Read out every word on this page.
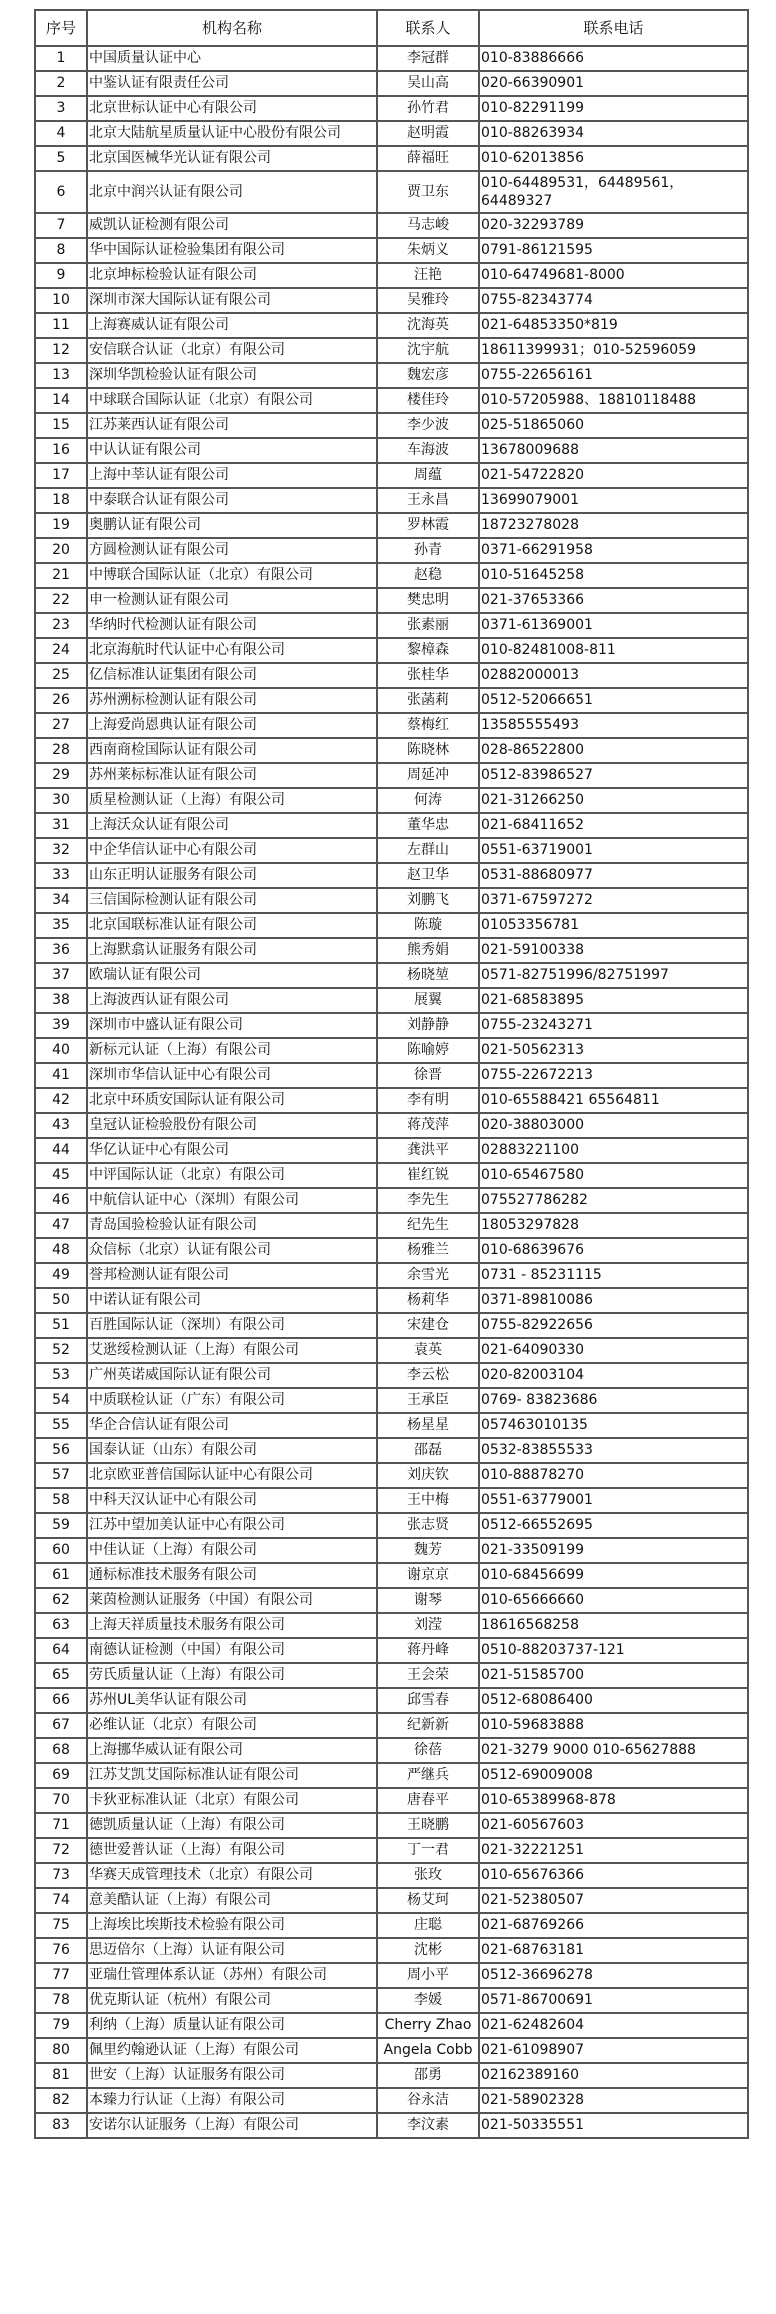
序号	机构名称	联系人	联系电话
1	中国质量认证中心	李冠群	010-83886666
2	中鉴认证有限责任公司	吴山高	020-66390901
3	北京世标认证中心有限公司	孙竹君	010-82291199
4	北京大陆航星质量认证中心股份有限公司	赵明霞	010-88263934
5	北京国医械华光认证有限公司	薛福旺	010-62013856
6	北京中润兴认证有限公司	贾卫东	010-64489531，64489561，64489327
7	威凯认证检测有限公司	马志峻	020-32293789
8	华中国际认证检验集团有限公司	朱炳义	0791-86121595
9	北京坤标检验认证有限公司	汪艳	010-64749681-8000
10	深圳市深大国际认证有限公司	吴雅玲	0755-82343774
11	上海赛威认证有限公司	沈海英	021-64853350*819
12	安信联合认证（北京）有限公司	沈宇航	18611399931；010-52596059
13	深圳华凯检验认证有限公司	魏宏彦	0755-22656161
14	中球联合国际认证（北京）有限公司	楼佳玲	010-57205988、18810118488
15	江苏莱西认证有限公司	李少波	025-51865060
16	中认认证有限公司	车海波	13678009688
17	上海中莘认证有限公司	周蕴	021-54722820
18	中泰联合认证有限公司	王永昌	13699079001
19	奥鹏认证有限公司	罗林霞	18723278028
20	方圆检测认证有限公司	孙青	0371-66291958
21	中博联合国际认证（北京）有限公司	赵稳	010-51645258
22	申一检测认证有限公司	樊忠明	021-37653366
23	华纳时代检测认证有限公司	张素丽	0371-61369001
24	北京海航时代认证中心有限公司	黎樟森	010-82481008-811
25	亿信标准认证集团有限公司	张桂华	02882000013
26	苏州溯标检测认证有限公司	张菡莉	0512-52066651
27	上海爱尚恩典认证有限公司	蔡梅红	13585555493
28	西南商检国际认证有限公司	陈晓林	028-86522800
29	苏州莱标标准认证有限公司	周延冲	0512-83986527
30	质星检测认证（上海）有限公司	何涛	021-31266250
31	上海沃众认证有限公司	董华忠	021-68411652
32	中企华信认证中心有限公司	左群山	0551-63719001
33	山东正明认证服务有限公司	赵卫华	0531-88680977
34	三信国际检测认证有限公司	刘鹏飞	0371-67597272
35	北京国联标准认证有限公司	陈璇	01053356781
36	上海默翕认证服务有限公司	熊秀娟	021-59100338
37	欧瑞认证有限公司	杨晓堃	0571-82751996/82751997
38	上海波西认证有限公司	展翼	021-68583895
39	深圳市中盛认证有限公司	刘静静	0755-23243271
40	新标元认证（上海）有限公司	陈喻婷	021-50562313
41	深圳市华信认证中心有限公司	徐晋	0755-22672213
42	北京中环质安国际认证有限公司	李有明	010-65588421 65564811
43	皇冠认证检验股份有限公司	蒋茂萍	020-38803000
44	华亿认证中心有限公司	龚洪平	02883221100
45	中评国际认证（北京）有限公司	崔红锐	010-65467580
46	中航信认证中心（深圳）有限公司	李先生	075527786282
47	青岛国验检验认证有限公司	纪先生	18053297828
48	众信标（北京）认证有限公司	杨雅兰	010-68639676
49	誉邦检测认证有限公司	余雪光	0731 - 85231115
50	中诺认证有限公司	杨莉华	0371-89810086
51	百胜国际认证（深圳）有限公司	宋建仓	0755-82922656
52	艾逖绥检测认证（上海）有限公司	袁英	021-64090330
53	广州英诺威国际认证有限公司	李云松	020-82003104
54	中质联检认证（广东）有限公司	王承臣	0769- 83823686
55	华企合信认证有限公司	杨星星	057463010135
56	国泰认证（山东）有限公司	邵磊	0532-83855533
57	北京欧亚普信国际认证中心有限公司	刘庆钦	010-88878270
58	中科天汉认证中心有限公司	王中梅	0551-63779001
59	江苏中望加美认证中心有限公司	张志贤	0512-66552695
60	中佳认证（上海）有限公司	魏芳	021-33509199
61	通标标准技术服务有限公司	谢京京	010-68456699
62	莱茵检测认证服务（中国）有限公司	谢琴	010-65666660
63	上海天祥质量技术服务有限公司	刘滢	18616568258
64	南德认证检测（中国）有限公司	蒋丹峰	0510-88203737-121
65	劳氏质量认证（上海）有限公司	王会荣	021-51585700
66	苏州UL美华认证有限公司	邱雪春	0512-68086400
67	必维认证（北京）有限公司	纪新新	010-59683888
68	上海挪华威认证有限公司	徐蓓	021-3279 9000 010-65627888
69	江苏艾凯艾国际标准认证有限公司	严继兵	0512-69009008
70	卡狄亚标准认证（北京）有限公司	唐春平	010-65389968-878
71	德凯质量认证（上海）有限公司	王晓鹏	021-60567603
72	德世爱普认证（上海）有限公司	丁一君	021-32221251
73	华赛天成管理技术（北京）有限公司	张玫	010-65676366
74	意美酷认证（上海）有限公司	杨艾珂	021-52380507
75	上海埃比埃斯技术检验有限公司	庄聪	021-68769266
76	思迈倍尔（上海）认证有限公司	沈彬	021-68763181
77	亚瑞仕管理体系认证（苏州）有限公司	周小平	0512-36696278
78	优克斯认证（杭州）有限公司	李媛	0571-86700691
79	利纳（上海）质量认证有限公司	Cherry Zhao	021-62482604
80	佩里约翰逊认证（上海）有限公司	Angela Cobb	021-61098907
81	世安（上海）认证服务有限公司	邵勇	02162389160
82	本臻力行认证（上海）有限公司	谷永洁	021-58902328
83	安诺尔认证服务（上海）有限公司	李汶素	021-50335551
